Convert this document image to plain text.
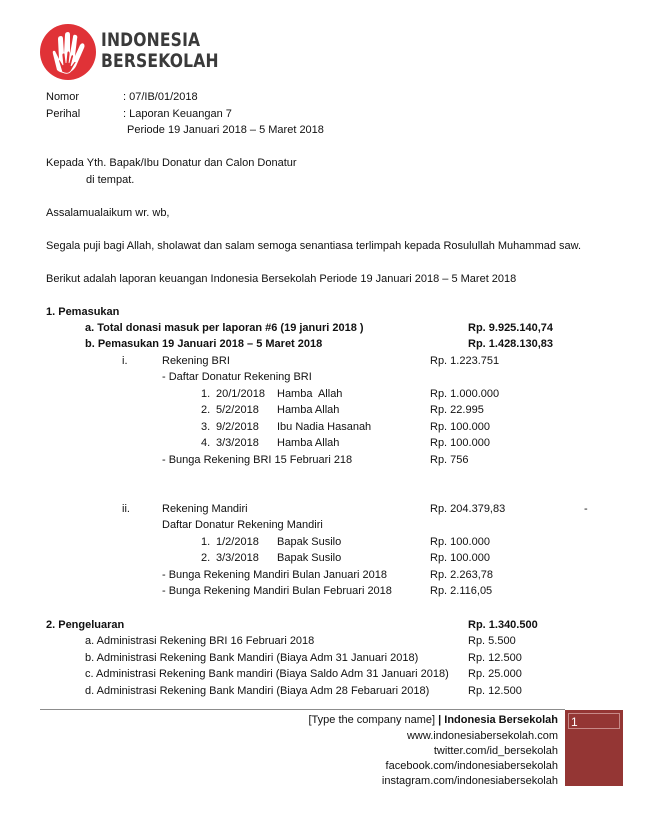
INDONESIA
BERSEKOLAH
Nomor	: 07/IB/01/2018
Perihal	: Laporan Keuangan 7
Periode 19 Januari 2018 – 5 Maret 2018
Kepada Yth. Bapak/Ibu Donatur dan Calon Donatur
di tempat.
Assalamualaikum wr. wb,
Segala puji bagi Allah, sholawat dan salam semoga senantiasa terlimpah kepada Rosulullah Muhammad saw.
Berikut adalah laporan keuangan Indonesia Bersekolah Periode 19 Januari 2018 – 5 Maret 2018
1. Pemasukan
a. Total donasi masuk per laporan #6 (19 januri 2018 )	Rp. 9.925.140,74
b. Pemasukan 19 Januari 2018 – 5 Maret 2018	Rp. 1.428.130,83
i.	Rekening BRI	Rp. 1.223.751
- Daftar Donatur Rekening BRI
1. 20/1/2018 Hamba  Allah	Rp. 1.000.000
2. 5/2/2018 Hamba Allah	Rp. 22.995
3. 9/2/2018 Ibu Nadia Hasanah	Rp. 100.000
4. 3/3/2018 Hamba Allah	Rp. 100.000
- Bunga Rekening BRI 15 Februari 218	Rp. 756
ii.	Rekening Mandiri	Rp. 204.379,83	-
Daftar Donatur Rekening Mandiri
1. 1/2/2018 Bapak Susilo	Rp. 100.000
2. 3/3/2018 Bapak Susilo	Rp. 100.000
- Bunga Rekening Mandiri Bulan Januari 2018	Rp. 2.263,78
- Bunga Rekening Mandiri Bulan Februari 2018	Rp. 2.116,05
2. Pengeluaran	Rp. 1.340.500
a. Administrasi Rekening BRI 16 Februari 2018	Rp. 5.500
b. Administrasi Rekening Bank Mandiri (Biaya Adm 31 Januari 2018)	Rp. 12.500
c. Administrasi Rekening Bank mandiri (Biaya Saldo Adm 31 Januari 2018) Rp. 25.000
d. Administrasi Rekening Bank Mandiri (Biaya Adm 28 Febaruari 2018)	Rp. 12.500
[Type the company name] | Indonesia Bersekolah
www.indonesiabersekolah.com
twitter.com/id_bersekolah
facebook.com/indonesiabersekolah
instagram.com/indonesiabersekolah
1
